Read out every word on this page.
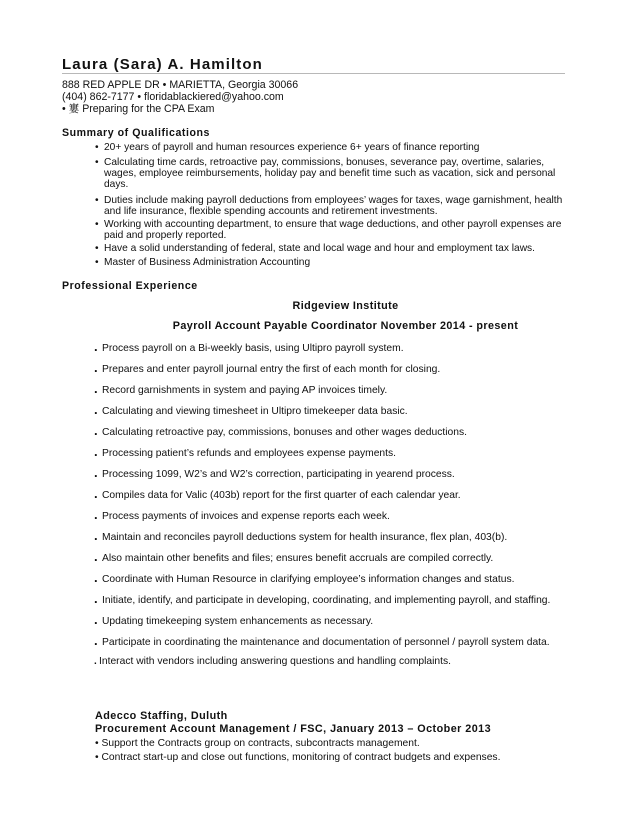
Laura (Sara) A. Hamilton
888 RED APPLE DR • MARIETTA, Georgia 30066
(404) 862-7177 • floridablackiered@yahoo.com
• 寠 Preparing for the CPA Exam
Summary of Qualifications
• 20+ years of payroll and human resources experience 6+ years of finance reporting
• Calculating time cards, retroactive pay, commissions, bonuses, severance pay, overtime, salaries, wages, employee reimbursements, holiday pay and benefit time such as vacation, sick and personal days.
• Duties include making payroll deductions from employees’ wages for taxes, wage garnishment, health and life insurance, flexible spending accounts and retirement investments.
• Working with accounting department, to ensure that wage deductions, and other payroll expenses are paid and properly reported.
• Have a solid understanding of federal, state and local wage and hour and employment tax laws.
• Master of Business Administration Accounting
Professional Experience
Ridgeview Institute
Payroll Account Payable Coordinator November 2014 - present
. Process payroll on a Bi-weekly basis, using Ultipro payroll system.
. Prepares and enter payroll journal entry the first of each month for closing.
. Record garnishments in system and paying AP invoices timely.
. Calculating and viewing timesheet in Ultipro timekeeper data basic.
. Calculating retroactive pay, commissions, bonuses and other wages deductions.
. Processing patient’s refunds and employees expense payments.
. Processing 1099, W2’s and W2’s correction, participating in yearend process.
. Compiles data for Valic (403b) report for the first quarter of each calendar year.
. Process payments of invoices and expense reports each week.
. Maintain and reconciles payroll deductions system for health insurance, flex plan, 403(b).
. Also maintain other benefits and files; ensures benefit accruals are compiled correctly.
. Coordinate with Human Resource in clarifying employee’s information changes and status.
. Initiate, identify, and participate in developing, coordinating, and implementing payroll, and staffing.
. Updating timekeeping system enhancements as necessary.
. Participate in coordinating the maintenance and documentation of personnel / payroll system data.
. Interact with vendors including answering questions and handling complaints.
Adecco Staffing, Duluth
Procurement Account Management / FSC, January 2013 – October 2013
• Support the Contracts group on contracts, subcontracts management.
• Contract start-up and close out functions, monitoring of contract budgets and expenses.
